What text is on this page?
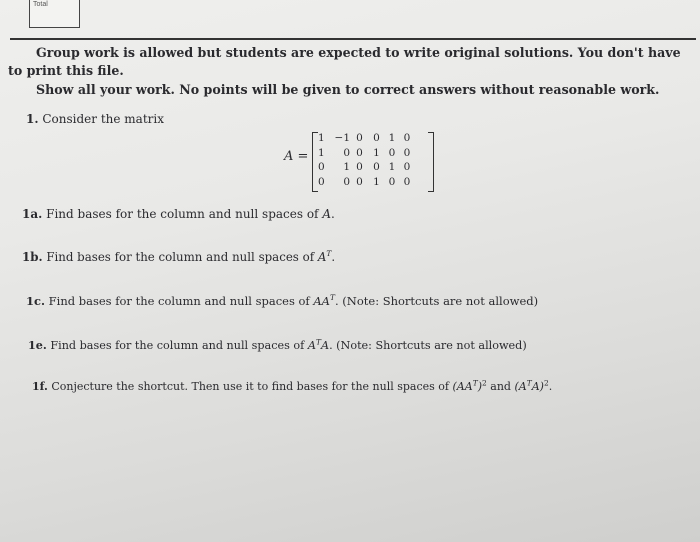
Total
Group work is allowed but students are expected to write original solutions. You don't have
to print this file.
Show all your work. No points will be given to correct answers without reasonable work.
1. Consider the matrix
A =
1	−1	0	0	1	0
1	0	0	1	0	0
0	1	0	0	1	0
0	0	0	1	0	0
1a. Find bases for the column and null spaces of A.
1b. Find bases for the column and null spaces of $A^T$.
1c. Find bases for the column and null spaces of $AA^T$. (Note: Shortcuts are not allowed)
1e. Find bases for the column and null spaces of $A^TA$. (Note: Shortcuts are not allowed)
1f. Conjecture the shortcut. Then use it to find bases for the null spaces of $(AA^T)^2$ and $(A^TA)^2$.
